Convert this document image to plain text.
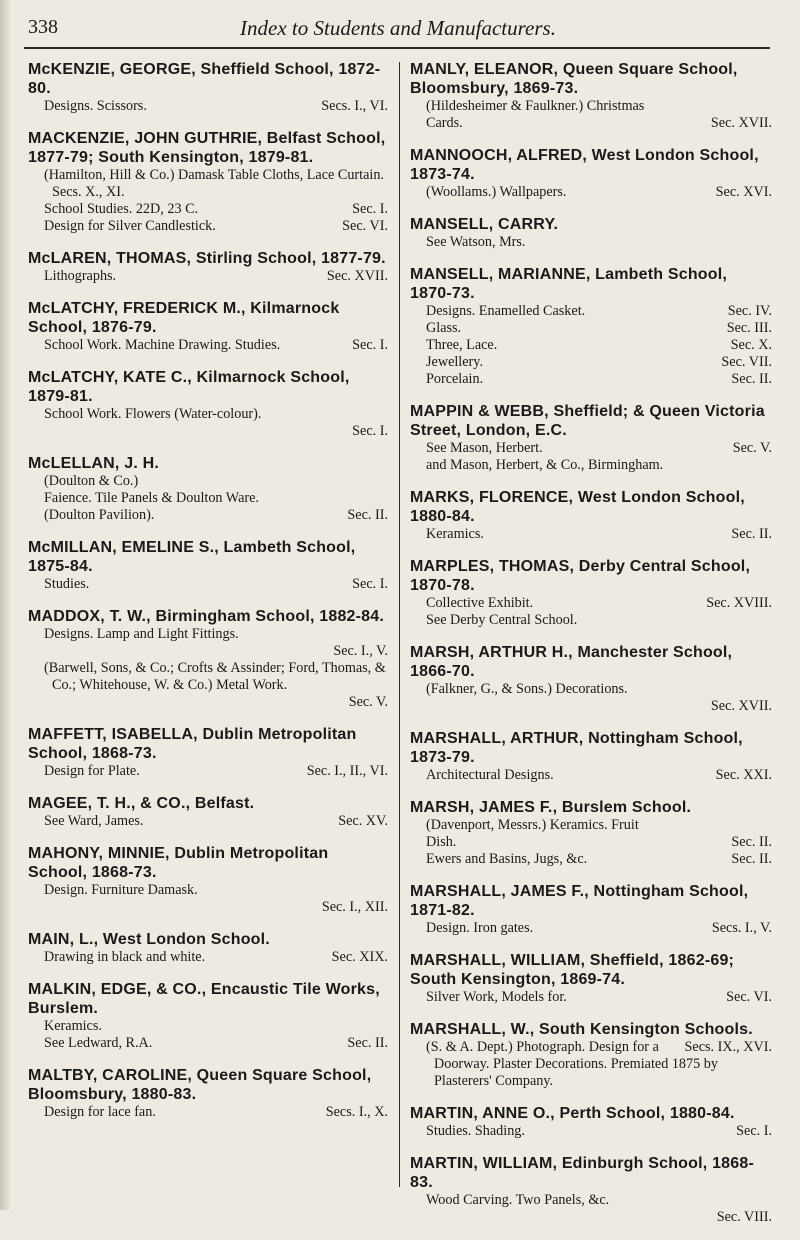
338	Index to Students and Manufacturers.
McKENZIE, GEORGE, Sheffield School, 1872-80.
Secs. I., VI.
Designs. Scissors.
MACKENZIE, JOHN GUTHRIE, Belfast School, 1877-79; South Kensington, 1879-81.
(Hamilton, Hill & Co.) Damask Table Cloths, Lace Curtain. Secs. X., XI.
Sec. I.
School Studies. 22D, 23 C.
Sec. VI.
Design for Silver Candlestick.
McLAREN, THOMAS, Stirling School, 1877-79.
Sec. XVII.
Lithographs.
McLATCHY, FREDERICK M., Kilmarnock School, 1876-79.
Sec. I.
School Work. Machine Drawing. Studies.
McLATCHY, KATE C., Kilmarnock School, 1879-81.
School Work. Flowers (Water-colour).
Sec. I.
McLELLAN, J. H.
(Doulton & Co.)
Faience. Tile Panels & Doulton Ware.
Sec. II.
(Doulton Pavilion).
McMILLAN, EMELINE S., Lambeth School, 1875-84.
Sec. I.
Studies.
MADDOX, T. W., Birmingham School, 1882-84.
Designs. Lamp and Light Fittings.
Sec. I., V.
(Barwell, Sons, & Co.; Crofts & Assinder; Ford, Thomas, & Co.; Whitehouse, W. & Co.) Metal Work.
Sec. V.
MAFFETT, ISABELLA, Dublin Metropolitan School, 1868-73.
Sec. I., II., VI.
Design for Plate.
MAGEE, T. H., & CO., Belfast.
Sec. XV.
See Ward, James.
MAHONY, MINNIE, Dublin Metropolitan School, 1868-73.
Design. Furniture Damask.
Sec. I., XII.
MAIN, L., West London School.
Sec. XIX.
Drawing in black and white.
MALKIN, EDGE, & CO., Encaustic Tile Works, Burslem.
Keramics.
Sec. II.
See Ledward, R.A.
MALTBY, CAROLINE, Queen Square School, Bloomsbury, 1880-83.
Secs. I., X.
Design for lace fan.
MANLY, ELEANOR, Queen Square School, Bloomsbury, 1869-73.
(Hildesheimer & Faulkner.) Christmas
Sec. XVII.
Cards.
MANNOOCH, ALFRED, West London School, 1873-74.
Sec. XVI.
(Woollams.) Wallpapers.
MANSELL, CARRY.
See Watson, Mrs.
MANSELL, MARIANNE, Lambeth School, 1870-73.
Sec. IV.
Designs. Enamelled Casket.
Sec. III.
Glass.
Sec. X.
Three, Lace.
Sec. VII.
Jewellery.
Sec. II.
Porcelain.
MAPPIN & WEBB, Sheffield; & Queen Victoria Street, London, E.C.
Sec. V.
See Mason, Herbert.
and Mason, Herbert, & Co., Birmingham.
MARKS, FLORENCE, West London School, 1880-84.
Sec. II.
Keramics.
MARPLES, THOMAS, Derby Central School, 1870-78.
Sec. XVIII.
Collective Exhibit.
See Derby Central School.
MARSH, ARTHUR H., Manchester School, 1866-70.
(Falkner, G., & Sons.) Decorations.
Sec. XVII.
MARSHALL, ARTHUR, Nottingham School, 1873-79.
Sec. XXI.
Architectural Designs.
MARSH, JAMES F., Burslem School.
(Davenport, Messrs.) Keramics. Fruit
Sec. II.
Dish.
Sec. II.
Ewers and Basins, Jugs, &c.
MARSHALL, JAMES F., Nottingham School, 1871-82.
Secs. I., V.
Design. Iron gates.
MARSHALL, WILLIAM, Sheffield, 1862-69; South Kensington, 1869-74.
Sec. VI.
Silver Work, Models for.
MARSHALL, W., South Kensington Schools.
Secs. IX., XVI.
(S. & A. Dept.) Photograph. Design for a Doorway. Plaster Decorations. Premiated 1875 by Plasterers' Company.
MARTIN, ANNE O., Perth School, 1880-84.
Sec. I.
Studies. Shading.
MARTIN, WILLIAM, Edinburgh School, 1868-83.
Wood Carving. Two Panels, &c.
Sec. VIII.
